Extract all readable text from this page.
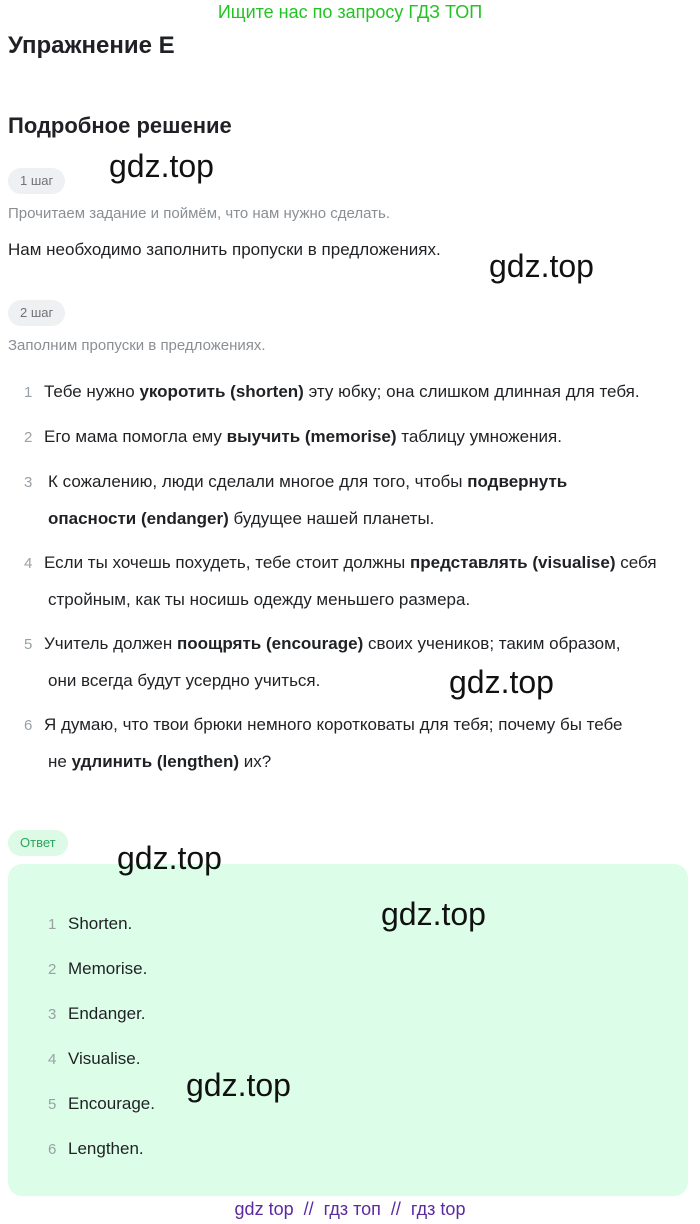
Ищите нас по запросу ГДЗ ТОП
Упражнение E
Подробное решение
1 шаг	gdz.top
Прочитаем задание и поймём, что нам нужно сделать.
Нам необходимо заполнить пропуски в предложениях. gdz.top
2 шаг
Заполним пропуски в предложениях.
1 Тебе нужно укоротить (shorten) эту юбку; она слишком длинная для тебя.
2 Его мама помогла ему выучить (memorise) таблицу умножения.
3 К сожалению, люди сделали многое для того, чтобы подвернуть
опасности (endanger) будущее нашей планеты.
4 Если ты хочешь похудеть, тебе стоит должны представлять (visualise) себя
стройным, как ты носишь одежду меньшего размера.
5 Учитель должен поощрять (encourage) своих учеников; таким образом,
они всегда будут усердно учиться.	gdz.top
6 Я думаю, что твои брюки немного коротковаты для тебя; почему бы тебе
не удлинить (lengthen) их?
Ответ	gdz.top
gdz.top
gdz.top
1 Shorten.
2 Memorise.
3 Endanger.
4 Visualise.
5 Encourage.
6 Lengthen.
gdz top  //  гдз топ  //  гдз top
